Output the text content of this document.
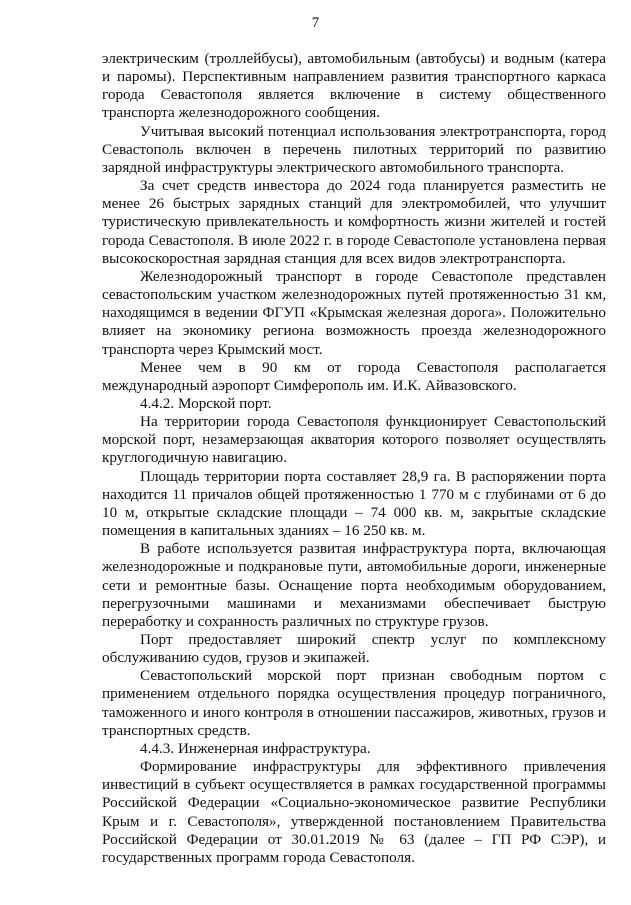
7

электрическим (троллейбусы), автомобильным (автобусы) и водным (катера и паромы). Перспективным направлением развития транспортного каркаса города Севастополя является включение в систему общественного транспорта железнодорожного сообщения.

Учитывая высокий потенциал использования электротранспорта, город Севастополь включен в перечень пилотных территорий по развитию зарядной инфраструктуры электрического автомобильного транспорта.

За счет средств инвестора до 2024 года планируется разместить не менее 26 быстрых зарядных станций для электромобилей, что улучшит туристическую привлекательность и комфортность жизни жителей и гостей города Севастополя. В июле 2022 г. в городе Севастополе установлена первая высокоскоростная зарядная станция для всех видов электротранспорта.

Железнодорожный транспорт в городе Севастополе представлен севастопольским участком железнодорожных путей протяженностью 31 км, находящимся в ведении ФГУП «Крымская железная дорога». Положительно влияет на экономику региона возможность проезда железнодорожного транспорта через Крымский мост.

Менее чем в 90 км от города Севастополя располагается международный аэропорт Симферополь им. И.К. Айвазовского.

4.4.2. Морской порт.

На территории города Севастополя функционирует Севастопольский морской порт, незамерзающая акватория которого позволяет осуществлять круглогодичную навигацию.

Площадь территории порта составляет 28,9 га. В распоряжении порта находится 11 причалов общей протяженностью 1 770 м с глубинами от 6 до 10 м, открытые складские площади – 74 000 кв. м, закрытые складские помещения в капитальных зданиях – 16 250 кв. м.

В работе используется развитая инфраструктура порта, включающая железнодорожные и подкрановые пути, автомобильные дороги, инженерные сети и ремонтные базы. Оснащение порта необходимым оборудованием, перегрузочными машинами и механизмами обеспечивает быструю переработку и сохранность различных по структуре грузов.

Порт предоставляет широкий спектр услуг по комплексному обслуживанию судов, грузов и экипажей.

Севастопольский морской порт признан свободным портом с применением отдельного порядка осуществления процедур пограничного, таможенного и иного контроля в отношении пассажиров, животных, грузов и транспортных средств.

4.4.3. Инженерная инфраструктура.

Формирование инфраструктуры для эффективного привлечения инвестиций в субъект осуществляется в рамках государственной программы Российской Федерации «Социально-экономическое развитие Республики Крым и г. Севастополя», утвержденной постановлением Правительства Российской Федерации от 30.01.2019 № 63 (далее – ГП РФ СЭР), и государственных программ города Севастополя.
